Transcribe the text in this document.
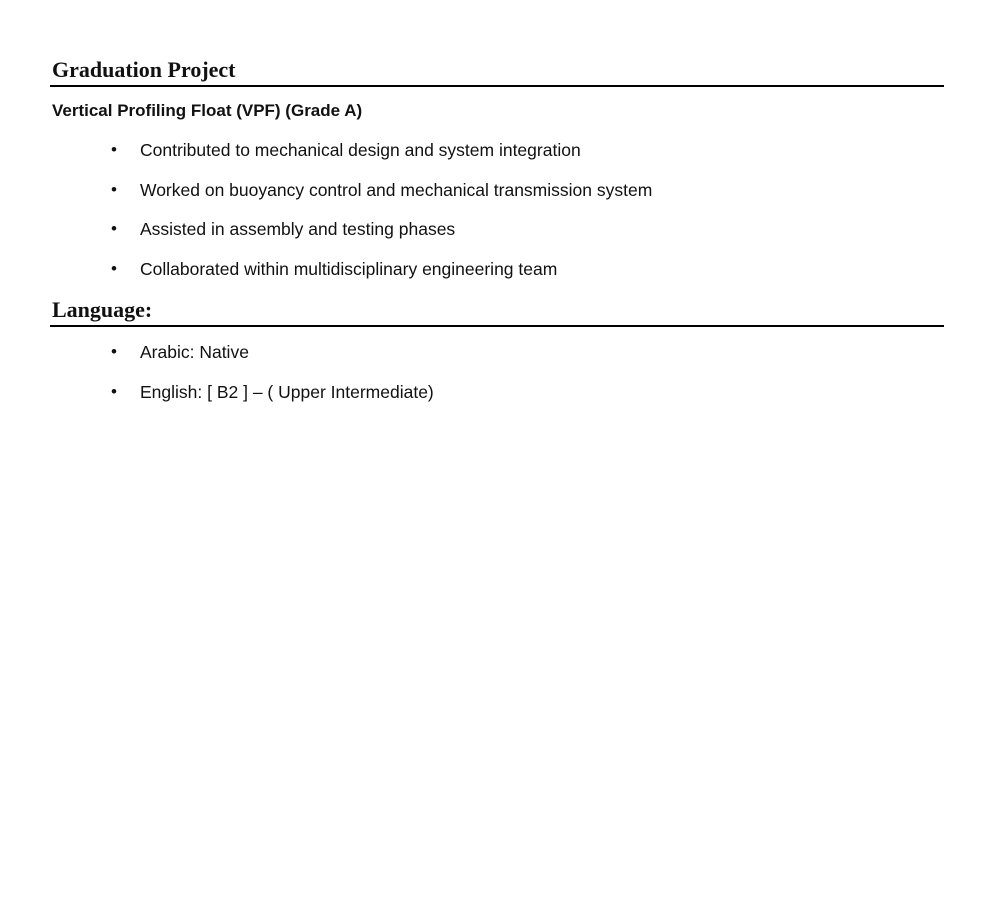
Graduation Project
Vertical Profiling Float (VPF) (Grade A)
• Contributed to mechanical design and system integration
• Worked on buoyancy control and mechanical transmission system
• Assisted in assembly and testing phases
• Collaborated within multidisciplinary engineering team
Language:
• Arabic: Native
• English: [ B2 ] – ( Upper Intermediate)
